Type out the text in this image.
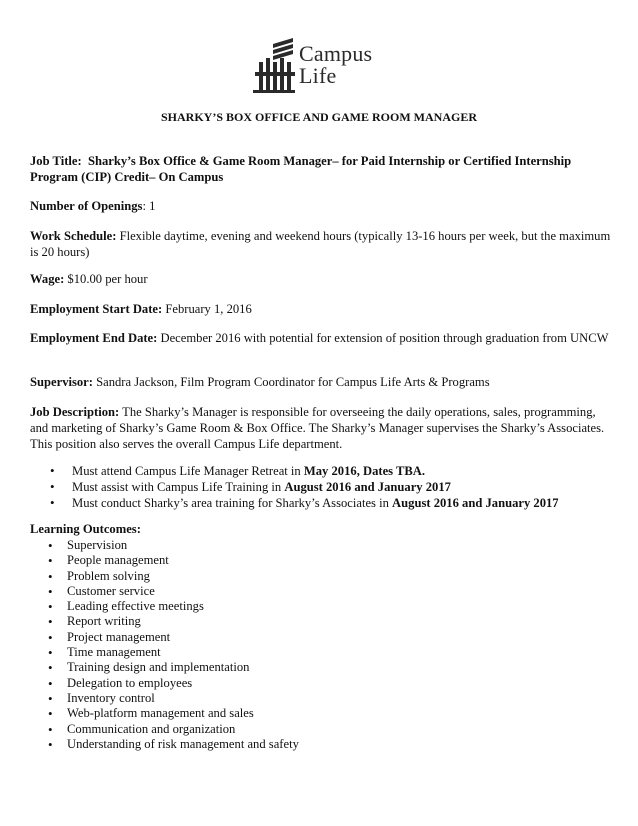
Campus
Life
SHARKY’S BOX OFFICE AND GAME ROOM MANAGER
Job Title: Sharky’s Box Office & Game Room Manager– for Paid Internship or Certified Internship Program (CIP) Credit– On Campus
Number of Openings: 1
Work Schedule: Flexible daytime, evening and weekend hours (typically 13-16 hours per week, but the maximum is 20 hours)
Wage: $10.00 per hour
Employment Start Date: February 1, 2016
Employment End Date: December 2016 with potential for extension of position through graduation from UNCW
Supervisor: Sandra Jackson, Film Program Coordinator for Campus Life Arts & Programs
Job Description: The Sharky’s Manager is responsible for overseeing the daily operations, sales, programming, and marketing of Sharky’s Game Room & Box Office. The Sharky’s Manager supervises the Sharky’s Associates. This position also serves the overall Campus Life department.
• Must attend Campus Life Manager Retreat in May 2016, Dates TBA.
• Must assist with Campus Life Training in August 2016 and January 2017
• Must conduct Sharky’s area training for Sharky’s Associates in August 2016 and January 2017
Learning Outcomes:
• Supervision
• People management
• Problem solving
• Customer service
• Leading effective meetings
• Report writing
• Project management
• Time management
• Training design and implementation
• Delegation to employees
• Inventory control
• Web-platform management and sales
• Communication and organization
• Understanding of risk management and safety
